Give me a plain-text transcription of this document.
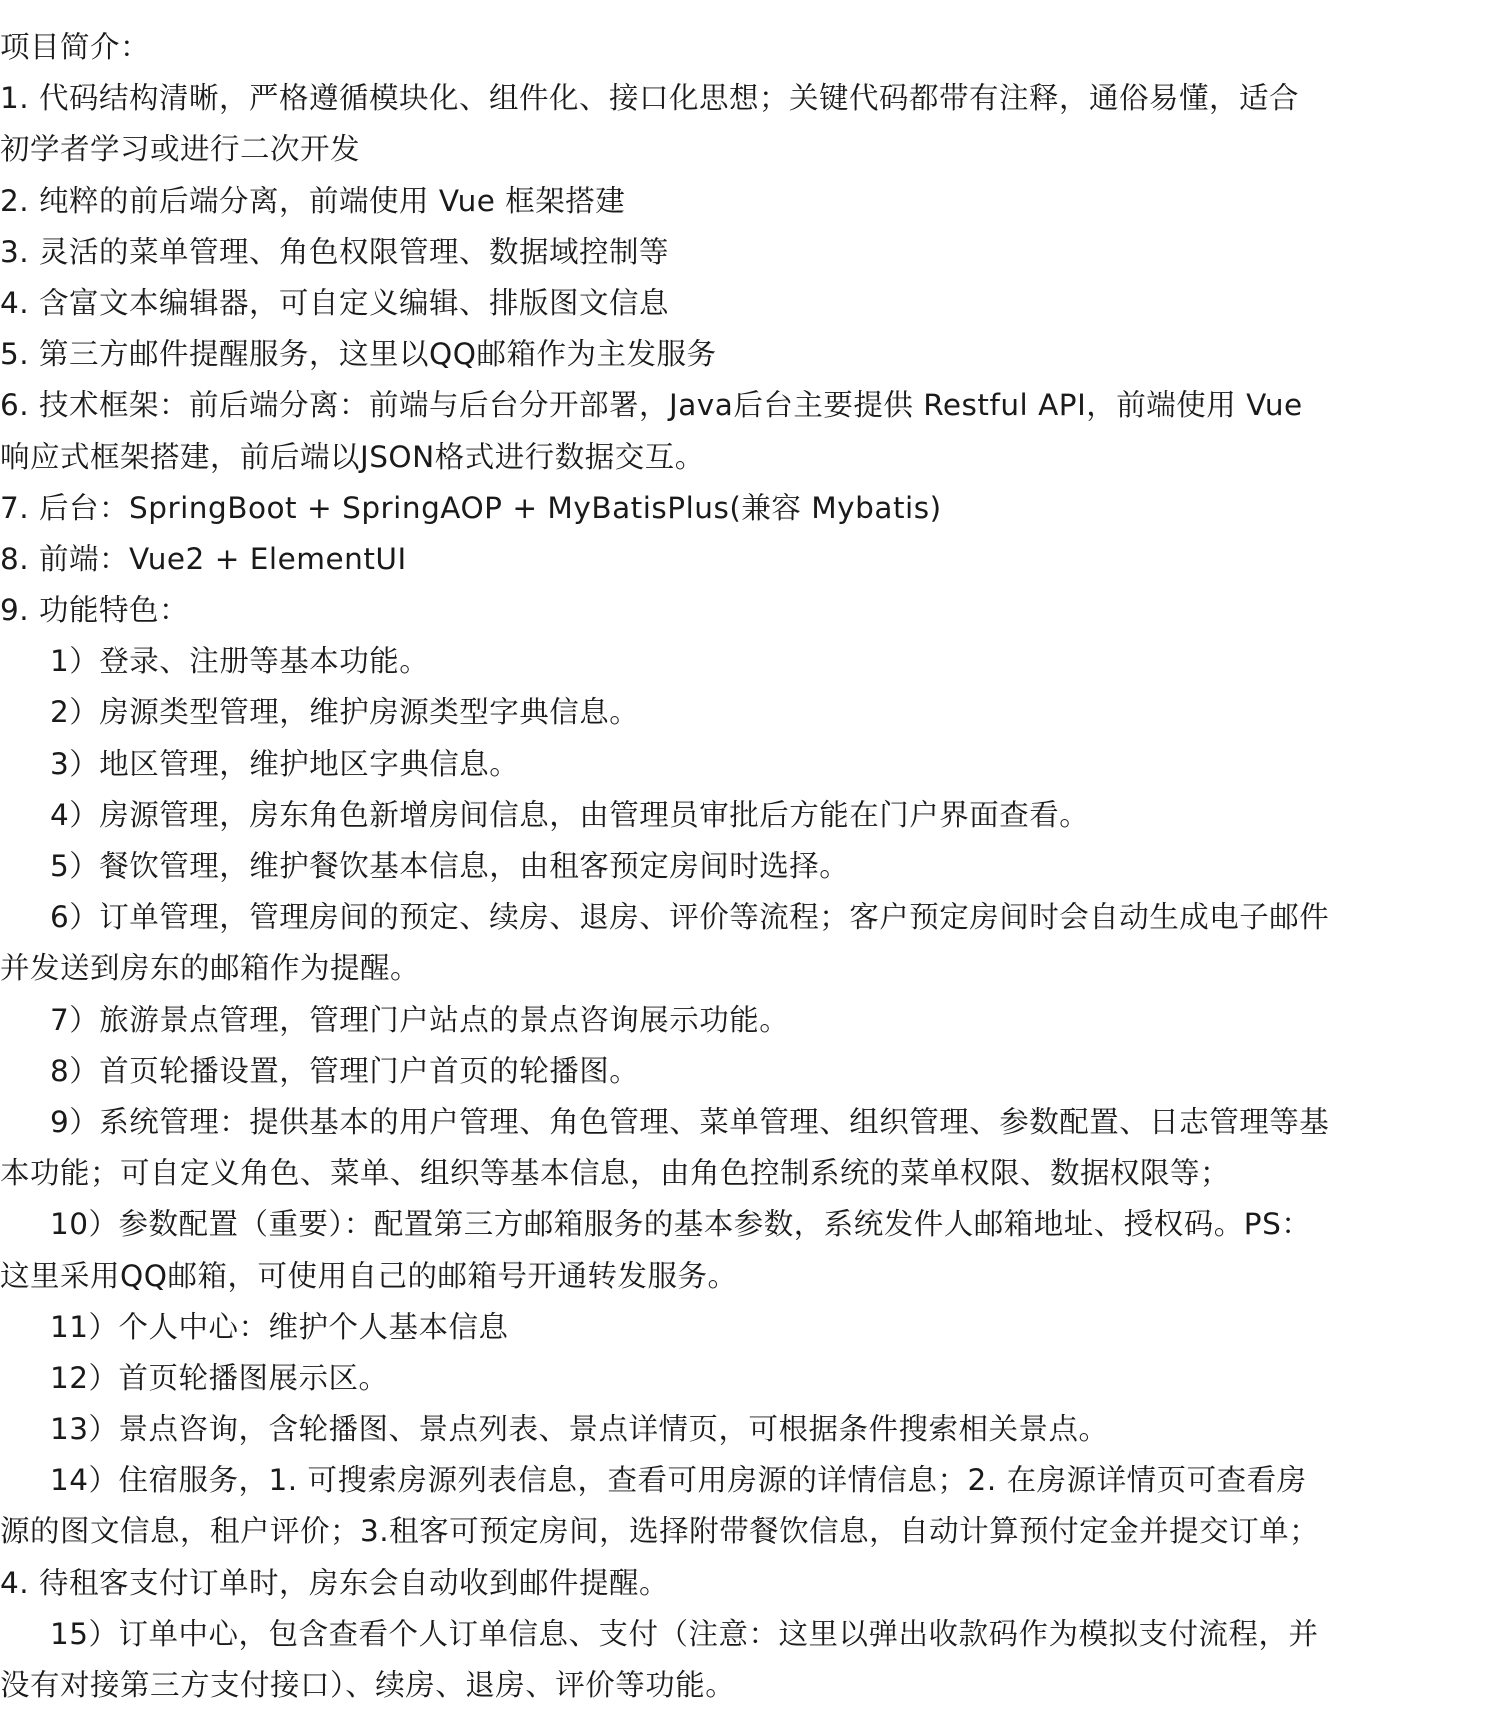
项目简介：
1. 代码结构清晰，严格遵循模块化、组件化、接口化思想；关键代码都带有注释，通俗易懂，适合
初学者学习或进行二次开发
2. 纯粹的前后端分离，前端使用 Vue 框架搭建
3. 灵活的菜单管理、角色权限管理、数据域控制等
4. 含富文本编辑器，可自定义编辑、排版图文信息
5. 第三方邮件提醒服务，这里以QQ邮箱作为主发服务
6. 技术框架：前后端分离：前端与后台分开部署，Java后台主要提供 Restful API，前端使用 Vue
响应式框架搭建，前后端以JSON格式进行数据交互。
7. 后台：SpringBoot + SpringAOP + MyBatisPlus(兼容 Mybatis)
8. 前端：Vue2 + ElementUI
9. 功能特色：
1）登录、注册等基本功能。
2）房源类型管理，维护房源类型字典信息。
3）地区管理，维护地区字典信息。
4）房源管理，房东角色新增房间信息，由管理员审批后方能在门户界面查看。
5）餐饮管理，维护餐饮基本信息，由租客预定房间时选择。
6）订单管理，管理房间的预定、续房、退房、评价等流程；客户预定房间时会自动生成电子邮件
并发送到房东的邮箱作为提醒。
7）旅游景点管理，管理门户站点的景点咨询展示功能。
8）首页轮播设置，管理门户首页的轮播图。
9）系统管理：提供基本的用户管理、角色管理、菜单管理、组织管理、参数配置、日志管理等基
本功能；可自定义角色、菜单、组织等基本信息，由角色控制系统的菜单权限、数据权限等；
10）参数配置（重要）：配置第三方邮箱服务的基本参数，系统发件人邮箱地址、授权码。PS：
这里采用QQ邮箱，可使用自己的邮箱号开通转发服务。
11）个人中心：维护个人基本信息
12）首页轮播图展示区。
13）景点咨询，含轮播图、景点列表、景点详情页，可根据条件搜索相关景点。
14）住宿服务，1. 可搜索房源列表信息，查看可用房源的详情信息；2. 在房源详情页可查看房
源的图文信息，租户评价；3.租客可预定房间，选择附带餐饮信息，自动计算预付定金并提交订单；
4. 待租客支付订单时，房东会自动收到邮件提醒。
15）订单中心，包含查看个人订单信息、支付（注意：这里以弹出收款码作为模拟支付流程，并
没有对接第三方支付接口）、续房、退房、评价等功能。
